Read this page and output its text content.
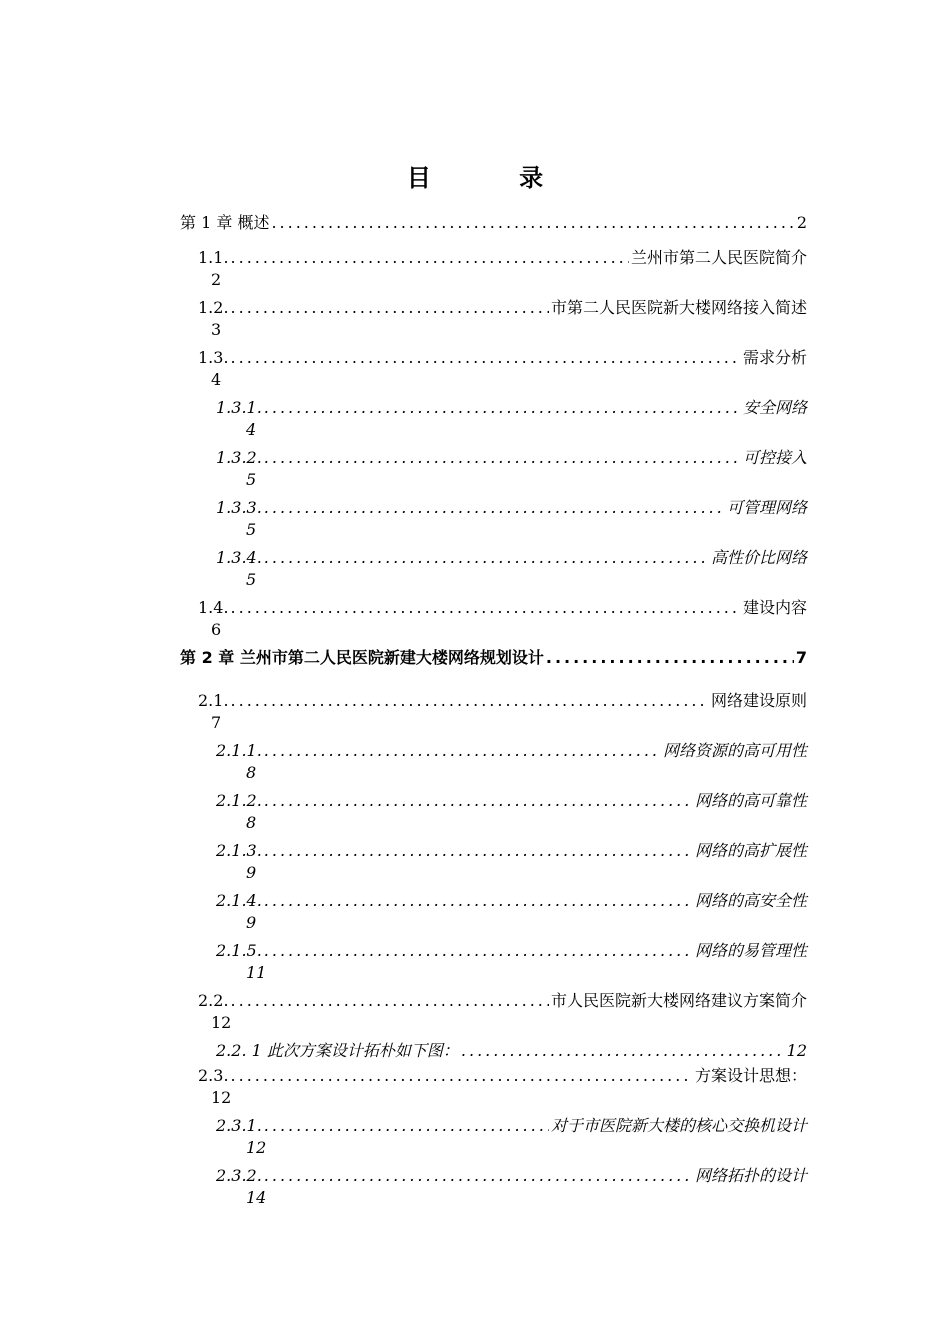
目 录
第 1 章 概述 .....	2
1.1. .....	兰州市第二人民医院简介
2
1.2. .....	市第二人民医院新大楼网络接入简述
3
1.3. .....	需求分析
4
1.3.1. .....	安全网络
4
1.3.2. .....	可控接入
5
1.3.3. .....	可管理网络
5
1.3.4. .....	高性价比网络
5
1.4. .....	建设内容
6
第 2 章 兰州市第二人民医院新建大楼网络规划设计 .....	7
2.1. .....	网络建设原则
7
2.1.1. .....	网络资源的高可用性
8
2.1.2. .....	网络的高可靠性
8
2.1.3. .....	网络的高扩展性
9
2.1.4. .....	网络的高安全性
9
2.1.5. .....	网络的易管理性
11
2.2. .....	市人民医院新大楼网络建议方案简介
12
2.2. 1 此次方案设计拓朴如下图： .....	12
2.3. .....	方案设计思想：
12
2.3.1. .....	对于市医院新大楼的核心交换机设计
12
2.3.2. .....	网络拓扑的设计
14
